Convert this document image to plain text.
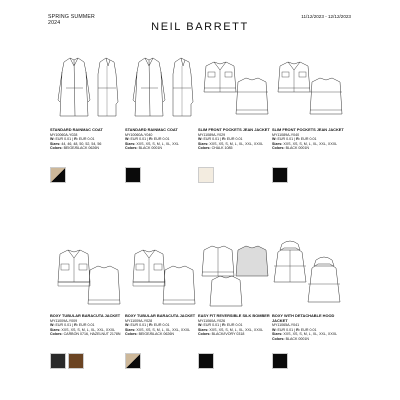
SPRING SUMMER
2024	NEIL BARRETT
11/12/2023 - 12/12/2023
STANDARD RAINMAC COAT
MY10060A-Y028
W: EUR 0.01 | R: EUR 0.01
Sizes: 44, 46, 48, 50, 52, 54, 56
Colors: BEIGE/BLACK 0626N
STANDARD RAINMAC COAT
MY10060A-Y040
W: EUR 0.01 | R: EUR 0.01
Sizes: XXS, XS, S, M, L, XL, XXL
Colors: BLACK 0001N
SLIM FRONT POCKETS JEAN JACKET
MY11089A-Y029
W: EUR 0.01 | R: EUR 0.01
Sizes: XXS, XS, S, M, L, XL, XXL, XXXL
Colors: CHALK 1085
SLIM FRONT POCKETS JEAN JACKET
MY11089A-Y040
W: EUR 0.01 | R: EUR 0.01
Sizes: XXS, XS, S, M, L, XL, XXL, XXXL
Colors: BLACK 0001N
BOXY TUBULAR BARACUTA JACKET
MY11009A-Y009
W: EUR 0.01 | R: EUR 0.01
Sizes: XXS, XS, S, M, L, XL, XXL, XXXL
Colors: CARBON 0716, HAZELNUT 2178N
BOXY TUBULAR BARACUTA JACKET
MY11009A-Y028
W: EUR 0.01 | R: EUR 0.01
Sizes: XXS, XS, S, M, L, XL, XXL, XXXL
Colors: BEIGE/BLACK 0626N
EASY FIT REVERSIBLE SILK BOMBER
MY11060A-Y026
W: EUR 0.01 | R: EUR 0.01
Sizes: XXS, XS, S, M, L, XL, XXL, XXXL
Colors: BLACK/IVORY 0318
BOXY WITH DETACHABLE HOOD JACKET
MY11065A-Y041
W: EUR 0.01 | R: EUR 0.01
Sizes: XXS, XS, S, M, L, XL, XXL, XXXL
Colors: BLACK 0001N
